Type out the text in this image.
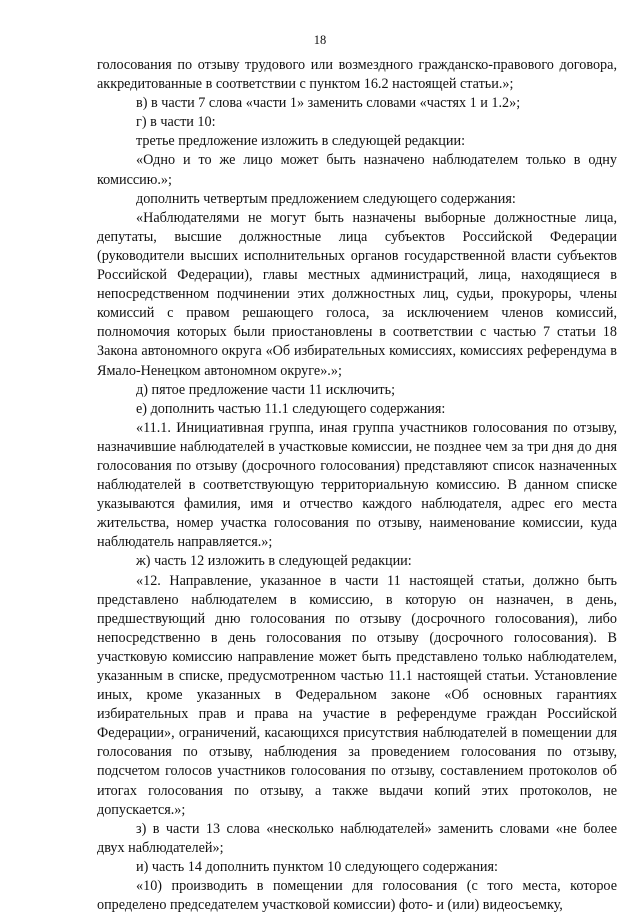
18

голосования по отзыву трудового или возмездного гражданско-правового договора, аккредитованные в соответствии с пунктом 16.2 настоящей статьи.»;

в) в части 7 слова «части 1» заменить словами «частях 1 и 1.2»;

г) в части 10:

третье предложение изложить в следующей редакции:

«Одно и то же лицо может быть назначено наблюдателем только в одну комиссию.»;

дополнить четвертым предложением следующего содержания:

«Наблюдателями не могут быть назначены выборные должностные лица, депутаты, высшие должностные лица субъектов Российской Федерации (руководители высших исполнительных органов государственной власти субъектов Российской Федерации), главы местных администраций, лица, находящиеся в непосредственном подчинении этих должностных лиц, судьи, прокуроры, члены комиссий с правом решающего голоса, за исключением членов комиссий, полномочия которых были приостановлены в соответствии с частью 7 статьи 18 Закона автономного округа «Об избирательных комиссиях, комиссиях референдума в Ямало-Ненецком автономном округе».»;

д) пятое предложение части 11 исключить;

е) дополнить частью 11.1 следующего содержания:

«11.1. Инициативная группа, иная группа участников голосования по отзыву, назначившие наблюдателей в участковые комиссии, не позднее чем за три дня до дня голосования по отзыву (досрочного голосования) представляют список назначенных наблюдателей в соответствующую территориальную комиссию. В данном списке указываются фамилия, имя и отчество каждого наблюдателя, адрес его места жительства, номер участка голосования по отзыву, наименование комиссии, куда наблюдатель направляется.»;

ж) часть 12 изложить в следующей редакции:

«12. Направление, указанное в части 11 настоящей статьи, должно быть представлено наблюдателем в комиссию, в которую он назначен, в день, предшествующий дню голосования по отзыву (досрочного голосования), либо непосредственно в день голосования по отзыву (досрочного голосования). В участковую комиссию направление может быть представлено только наблюдателем, указанным в списке, предусмотренном частью 11.1 настоящей статьи. Установление иных, кроме указанных в Федеральном законе «Об основных гарантиях избирательных прав и права на участие в референдуме граждан Российской Федерации», ограничений, касающихся присутствия наблюдателей в помещении для голосования по отзыву, наблюдения за проведением голосования по отзыву, подсчетом голосов участников голосования по отзыву, составлением протоколов об итогах голосования по отзыву, а также выдачи копий этих протоколов, не допускается.»;

з) в части 13 слова «несколько наблюдателей» заменить словами «не более двух наблюдателей»;

и) часть 14 дополнить пунктом 10 следующего содержания:

«10) производить в помещении для голосования (с того места, которое определено председателем участковой комиссии) фото- и (или) видеосъемку,
